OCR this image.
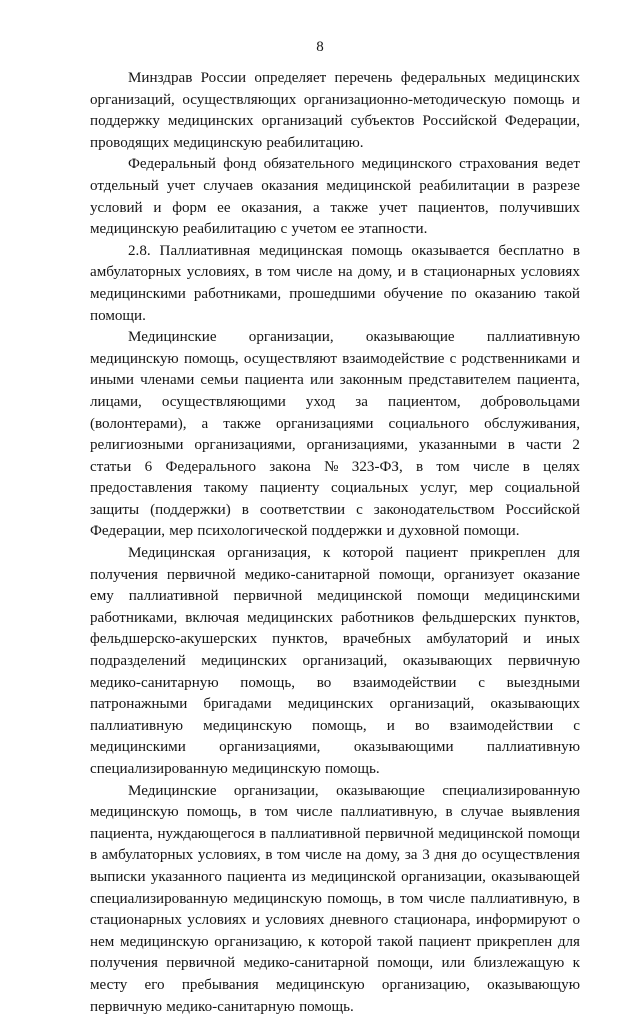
8
Минздрав России определяет перечень федеральных медицинских
организаций, осуществляющих организационно-методическую помощь и
поддержку медицинских организаций субъектов Российской Федерации,
проводящих медицинскую реабилитацию.
Федеральный фонд обязательного медицинского страхования ведет
отдельный учет случаев оказания медицинской реабилитации в разрезе
условий и форм ее оказания, а также учет пациентов, получивших
медицинскую реабилитацию с учетом ее этапности.
2.8. Паллиативная медицинская помощь оказывается бесплатно в
амбулаторных условиях, в том числе на дому, и в стационарных условиях
медицинскими работниками, прошедшими обучение по оказанию такой
помощи.
Медицинские организации, оказывающие паллиативную
медицинскую помощь, осуществляют взаимодействие с родственниками и
иными членами семьи пациента или законным представителем пациента,
лицами, осуществляющими уход за пациентом, добровольцами
(волонтерами), а также организациями социального обслуживания,
религиозными организациями, организациями, указанными в части 2
статьи 6 Федерального закона № 323-ФЗ, в том числе в целях
предоставления такому пациенту социальных услуг, мер социальной
защиты (поддержки) в соответствии с законодательством Российской
Федерации, мер психологической поддержки и духовной помощи.
Медицинская организация, к которой пациент прикреплен для
получения первичной медико-санитарной помощи, организует оказание
ему паллиативной первичной медицинской помощи медицинскими
работниками, включая медицинских работников фельдшерских пунктов,
фельдшерско-акушерских пунктов, врачебных амбулаторий и иных
подразделений медицинских организаций, оказывающих первичную
медико-санитарную помощь, во взаимодействии с выездными
патронажными бригадами медицинских организаций, оказывающих
паллиативную медицинскую помощь, и во взаимодействии с
медицинскими организациями, оказывающими паллиативную
специализированную медицинскую помощь.
Медицинские организации, оказывающие специализированную
медицинскую помощь, в том числе паллиативную, в случае выявления
пациента, нуждающегося в паллиативной первичной медицинской помощи
в амбулаторных условиях, в том числе на дому, за 3 дня до осуществления
выписки указанного пациента из медицинской организации, оказывающей
специализированную медицинскую помощь, в том числе паллиативную, в
стационарных условиях и условиях дневного стационара, информируют о
нем медицинскую организацию, к которой такой пациент прикреплен для
получения первичной медико-санитарной помощи, или близлежащую к
месту его пребывания медицинскую организацию, оказывающую
первичную медико-санитарную помощь.
